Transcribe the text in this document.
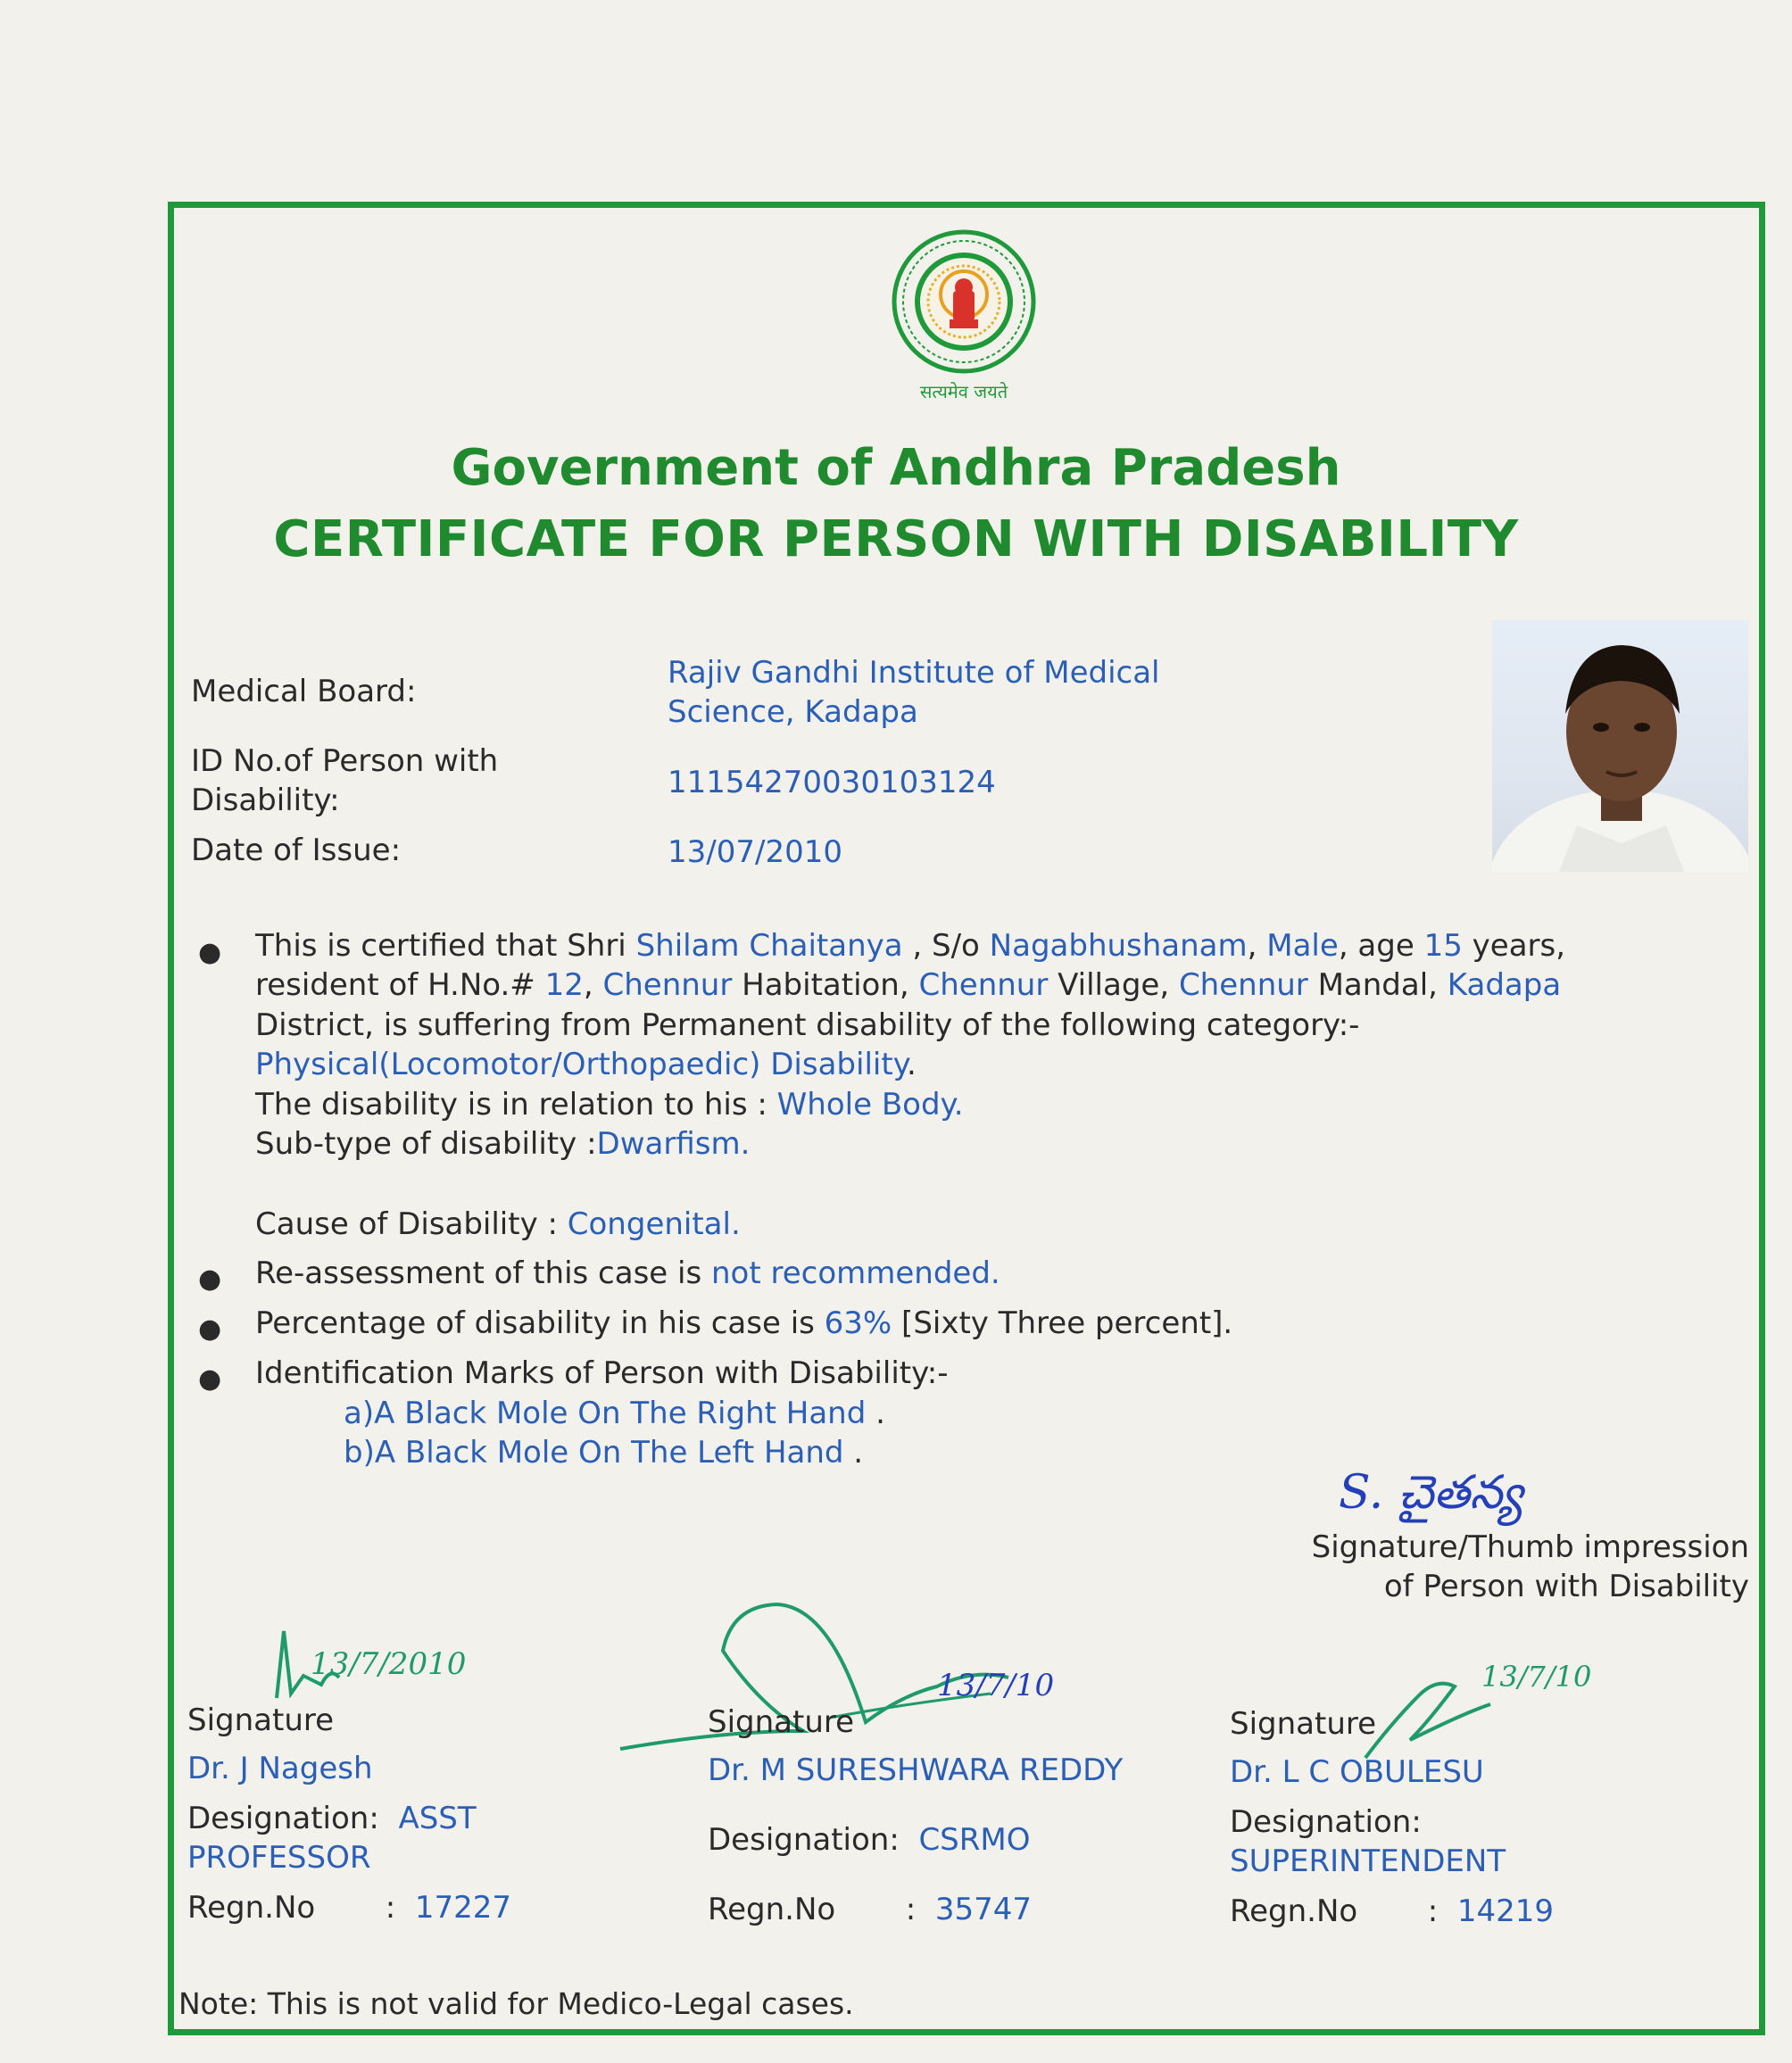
सत्यमेव जयते
Government of Andhra Pradesh
CERTIFICATE FOR PERSON WITH DISABILITY
Medical Board:
Rajiv Gandhi Institute of Medical
Science, Kadapa
ID No.of Person with
Disability:	11154270030103124
Date of Issue:	13/07/2010
● This is certified that Shri Shilam Chaitanya , S/o Nagabhushanam, Male, age 15 years,
resident of H.No.# 12, Chennur Habitation, Chennur Village, Chennur Mandal, Kadapa
District, is suffering from Permanent disability of the following category:-
Physical(Locomotor/Orthopaedic) Disability.
The disability is in relation to his : Whole Body.
Sub-type of disability :Dwarfism.
Cause of Disability : Congenital.
● Re-assessment of this case is not recommended.
● Percentage of disability in his case is 63% [Sixty Three percent].
● Identification Marks of Person with Disability:-
a)A Black Mole On The Right Hand .
b)A Black Mole On The Left Hand .
S. చైతన్య
Signature/Thumb impression
of Person with Disability
13/7/2010
Signature
Dr. J Nagesh
Designation: ASST
PROFESSOR
Regn.No : 17227
13/7/10
Signature
Dr. M SURESHWARA REDDY
Designation: CSRMO
Regn.No : 35747
13/7/10
Signature
Dr. L C OBULESU
Designation:
SUPERINTENDENT
Regn.No : 14219
Note: This is not valid for Medico-Legal cases.
